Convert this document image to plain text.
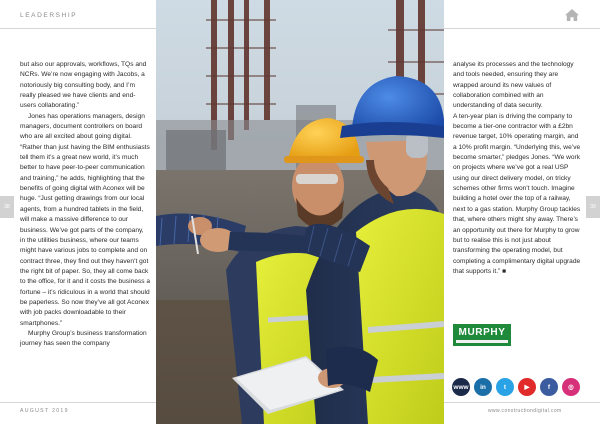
LEADERSHIP

but also our approvals, workflows, TQs and NCRs. We’re now engaging with Jacobs, a notoriously big consulting body, and I’m really pleased we have clients and end-users collaborating.”

Jones has operations managers, design managers, document controllers on board who are all excited about going digital. “Rather than just having the BIM enthusiasts tell them it’s a great new world, it’s much better to have peer-to-peer communication and training,” he adds, highlighting that the benefits of going digital with Aconex will be huge. “Just getting drawings from our local agents, from a hundred tablets in the field, will make a massive difference to our business. We’ve got parts of the company, in the utilities business, where our teams might have various jobs to complete and on contract three, they find out they haven’t got the right bit of paper. So, they all come back to the office, for it and it costs the business a fortune – it’s ridiculous in a world that should be paperless. So now they’ve all got Aconex with job packs downloadable to their smartphones.”

Murphy Group’s business transformation journey has seen the company

analyse its processes and the technology and tools needed, ensuring they are wrapped around its new values of collaboration combined with an understanding of data security.

A ten-year plan is driving the company to become a tier-one contractor with a £2bn revenue target, 10% operating margin, and a 10% profit margin. “Underlying this, we’ve become smarter,” pledges Jones. “We work on projects where we’ve got a real USP using our direct delivery model, on tricky schemes other firms won’t touch. Imagine building a hotel over the top of a railway, next to a gas station. Murphy Group tackles that, where others might shy away. There’s an opportunity out there for Murphy to grow but to realise this is not just about transforming the operating model, but completing a complimentary digital upgrade that supports it.” ■

38	39
MURPHY
www	in	t	▶	f	◎
AUGUST 2019	www.constructiondigital.com
